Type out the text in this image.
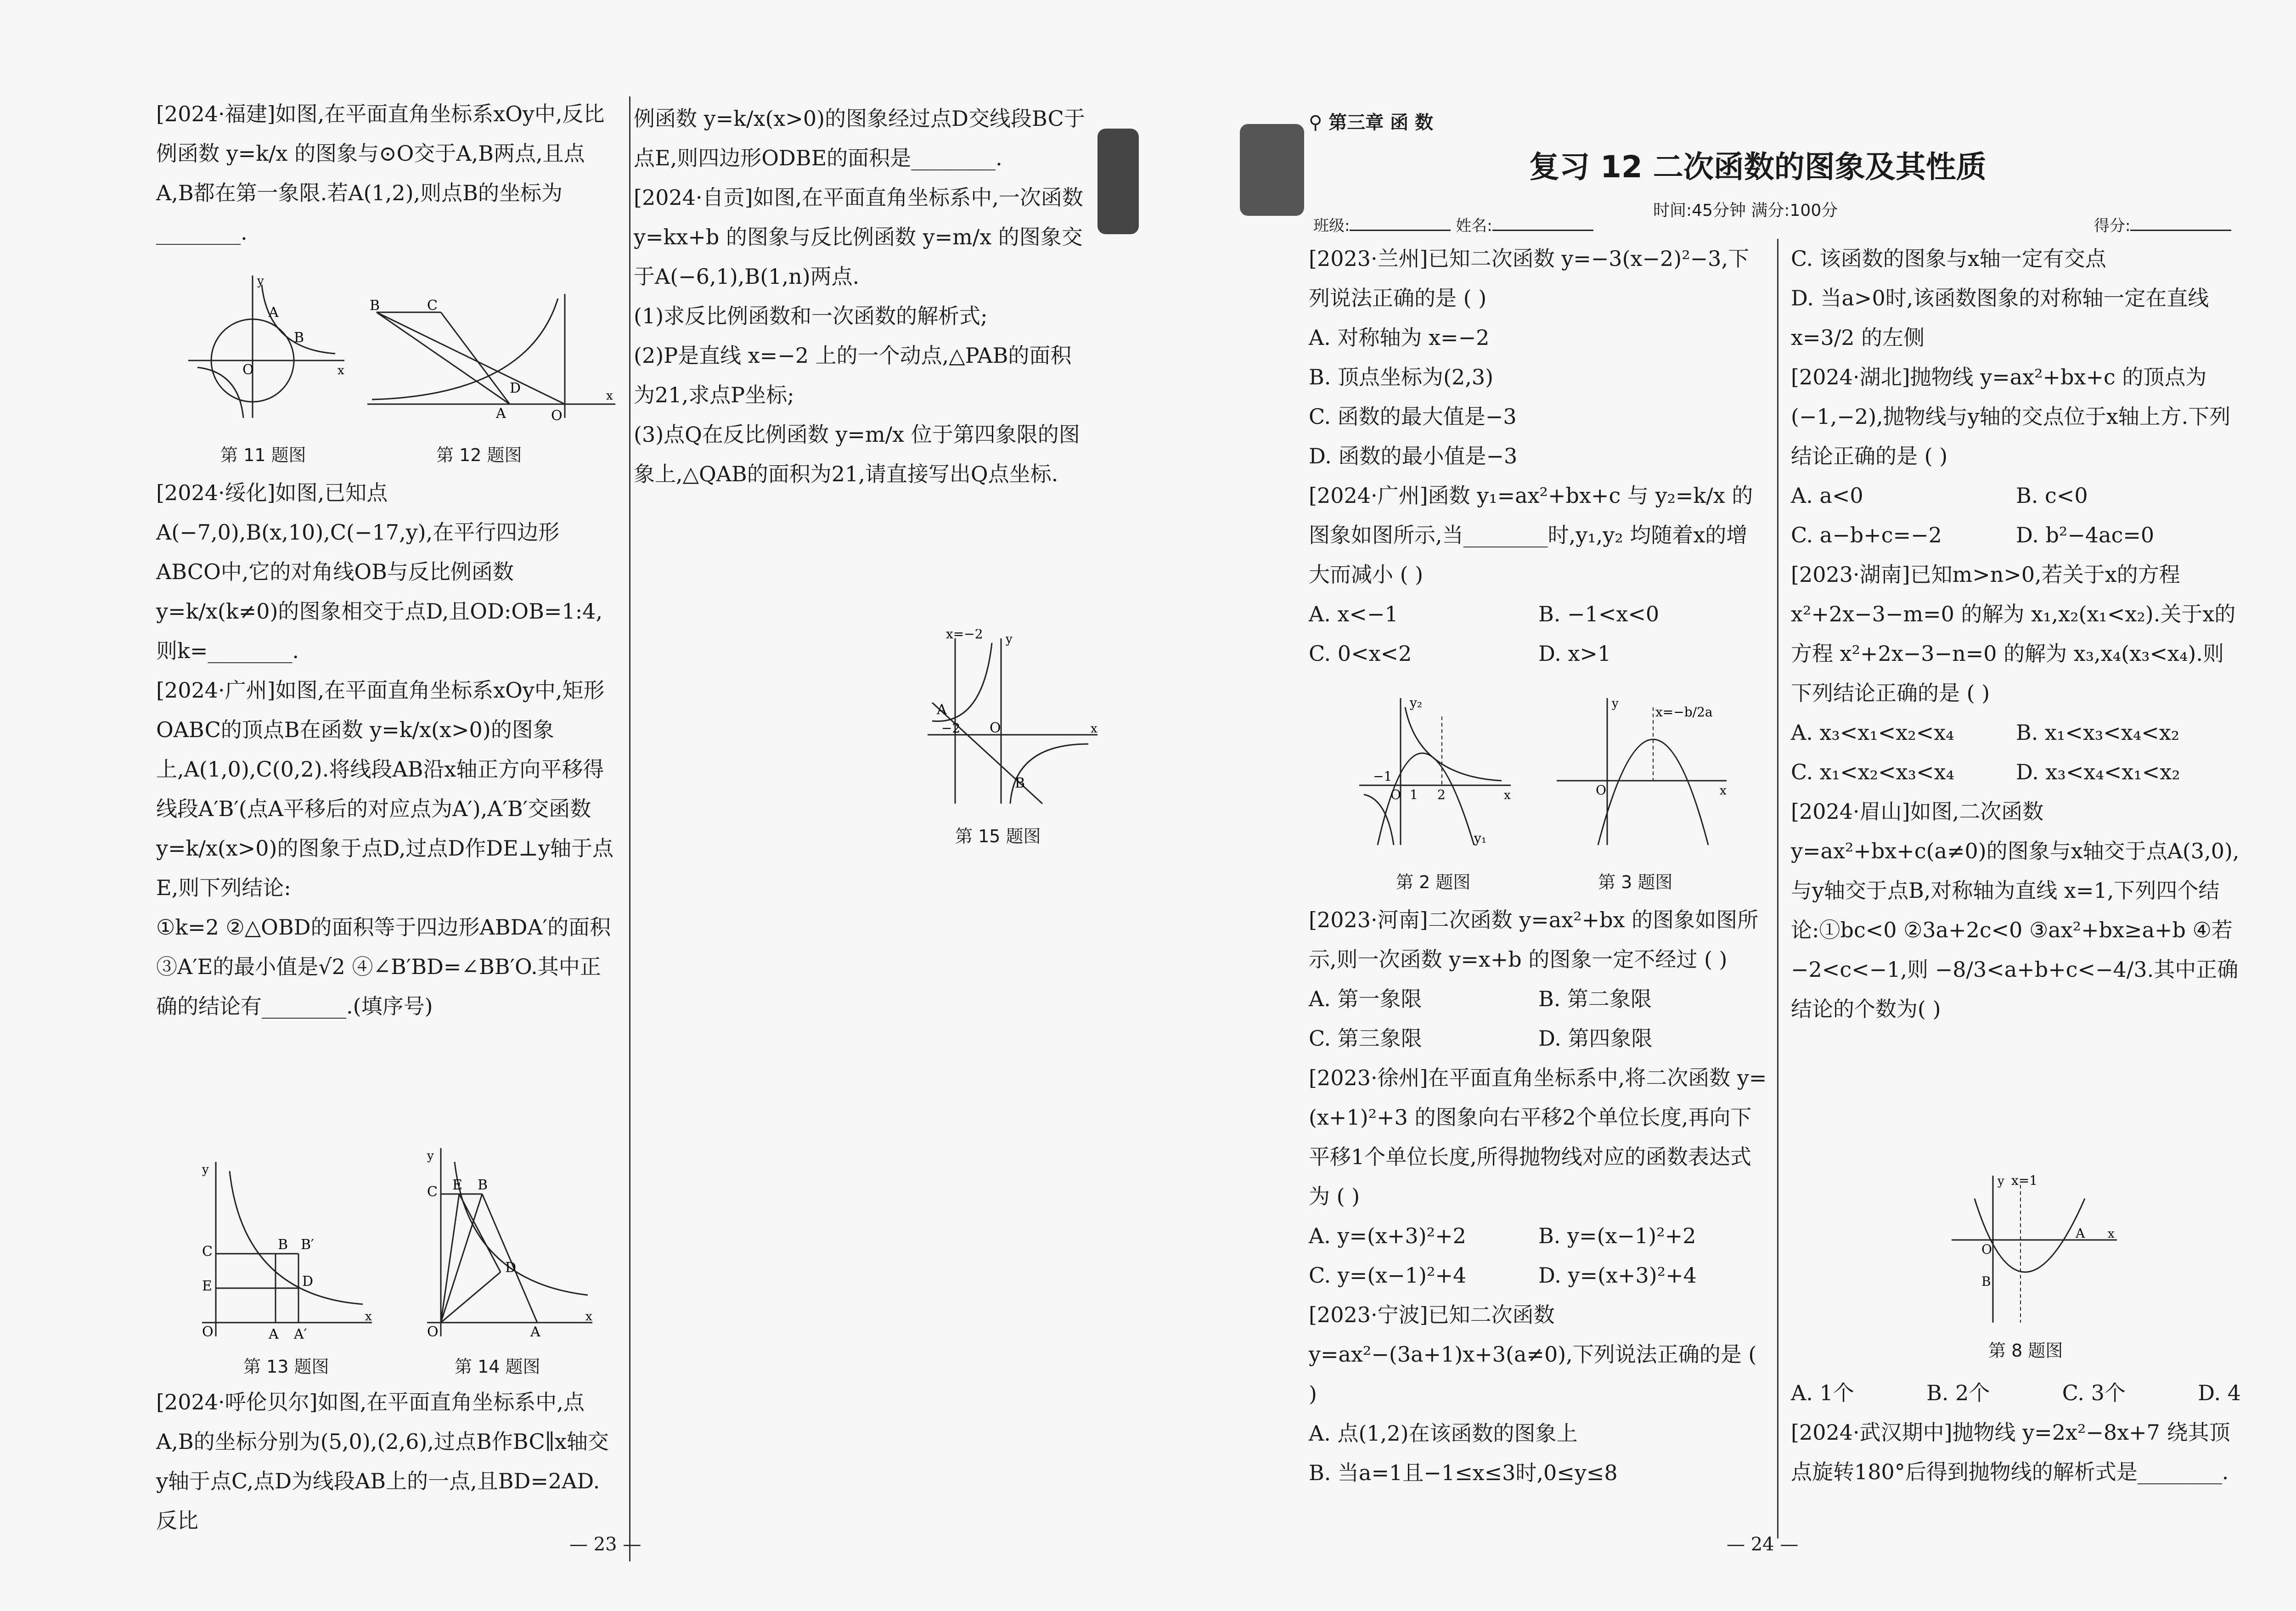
[2024·福建]如图,在平面直角坐标系xOy中,反比例函数 y=k/x 的图象与⊙O交于A,B两点,且点A,B都在第一象限.若A(1,2),则点B的坐标为________.

O
A
B
x
y
第 11 题图
B	C
D
A	O
x
第 12 题图

[2024·绥化]如图,已知点A(−7,0),B(x,10),C(−17,y),在平行四边形ABCO中,它的对角线OB与反比例函数 y=k/x(k≠0)的图象相交于点D,且OD:OB=1:4,则k=________.

[2024·广州]如图,在平面直角坐标系xOy中,矩形OABC的顶点B在函数 y=k/x(x>0)的图象上,A(1,0),C(0,2).将线段AB沿x轴正方向平移得线段A′B′(点A平移后的对应点为A′),A′B′交函数 y=k/x(x>0)的图象于点D,过点D作DE⊥y轴于点E,则下列结论:

①k=2 ②△OBD的面积等于四边形ABDA′的面积 ③A′E的最小值是√2 ④∠B′BD=∠BB′O.其中正确的结论有________.(填序号)

O	A A′
C
E
B B′
D
x
y
第 13 题图
O	A
C E B
D
x
y
第 14 题图

[2024·呼伦贝尔]如图,在平面直角坐标系中,点A,B的坐标分别为(5,0),(2,6),过点B作BC∥x轴交y轴于点C,点D为线段AB上的一点,且BD=2AD.反比

例函数 y=k/x(x>0)的图象经过点D交线段BC于点E,则四边形ODBE的面积是________.

[2024·自贡]如图,在平面直角坐标系中,一次函数 y=kx+b 的图象与反比例函数 y=m/x 的图象交于A(−6,1),B(1,n)两点.

(1)求反比例函数和一次函数的解析式;

(2)P是直线 x=−2 上的一个动点,△PAB的面积为21,求点P坐标;

(3)点Q在反比例函数 y=m/x 位于第四象限的图象上,△QAB的面积为21,请直接写出Q点坐标.

x=−2
A
−2 O
B
x
y
第 15 题图
— 23 —
⚲ 第三章 函 数
复习 12 二次函数的图象及其性质
时间:45分钟 满分:100分
班级:	姓名:	得分:

[2023·兰州]已知二次函数 y=−3(x−2)²−3,下列说法正确的是 ( )

A. 对称轴为 x=−2

B. 顶点坐标为(2,3)

C. 函数的最大值是−3

D. 函数的最小值是−3

[2024·广州]函数 y₁=ax²+bx+c 与 y₂=k/x 的图象如图所示,当________时,y₁,y₂ 均随着x的增大而减小 ( )

A. x<−1	B. −1<x<0
C. 0<x<2	D. x>1
−1
O 1 2
y₂
y₁
x
第 2 题图
x=−b/2a
O	x
y
第 3 题图

[2023·河南]二次函数 y=ax²+bx 的图象如图所示,则一次函数 y=x+b 的图象一定不经过 ( )

A. 第一象限	B. 第二象限
C. 第三象限	D. 第四象限

[2023·徐州]在平面直角坐标系中,将二次函数 y=(x+1)²+3 的图象向右平移2个单位长度,再向下平移1个单位长度,所得抛物线对应的函数表达式为 ( )

A. y=(x+3)²+2	B. y=(x−1)²+2
C. y=(x−1)²+4	D. y=(x+3)²+4

[2023·宁波]已知二次函数 y=ax²−(3a+1)x+3(a≠0),下列说法正确的是 ( )

A. 点(1,2)在该函数的图象上

B. 当a=1且−1≤x≤3时,0≤y≤8

C. 该函数的图象与x轴一定有交点

D. 当a>0时,该函数图象的对称轴一定在直线 x=3/2 的左侧

[2024·湖北]抛物线 y=ax²+bx+c 的顶点为(−1,−2),抛物线与y轴的交点位于x轴上方.下列结论正确的是 ( )

A. a<0	B. c<0
C. a−b+c=−2	D. b²−4ac=0

[2023·湖南]已知m>n>0,若关于x的方程 x²+2x−3−m=0 的解为 x₁,x₂(x₁<x₂).关于x的方程 x²+2x−3−n=0 的解为 x₃,x₄(x₃<x₄).则下列结论正确的是 ( )

A. x₃<x₁<x₂<x₄	B. x₁<x₃<x₄<x₂
C. x₁<x₂<x₃<x₄	D. x₃<x₄<x₁<x₂

[2024·眉山]如图,二次函数 y=ax²+bx+c(a≠0)的图象与x轴交于点A(3,0),与y轴交于点B,对称轴为直线 x=1,下列四个结论:①bc<0 ②3a+2c<0 ③ax²+bx≥a+b ④若−2<c<−1,则 −8/3<a+b+c<−4/3.其中正确结论的个数为( )

x=1
O
B
A x
y
第 8 题图
A. 1个	B. 2个	C. 3个	D. 4

[2024·武汉期中]抛物线 y=2x²−8x+7 绕其顶点旋转180°后得到抛物线的解析式是________.

— 24 —
